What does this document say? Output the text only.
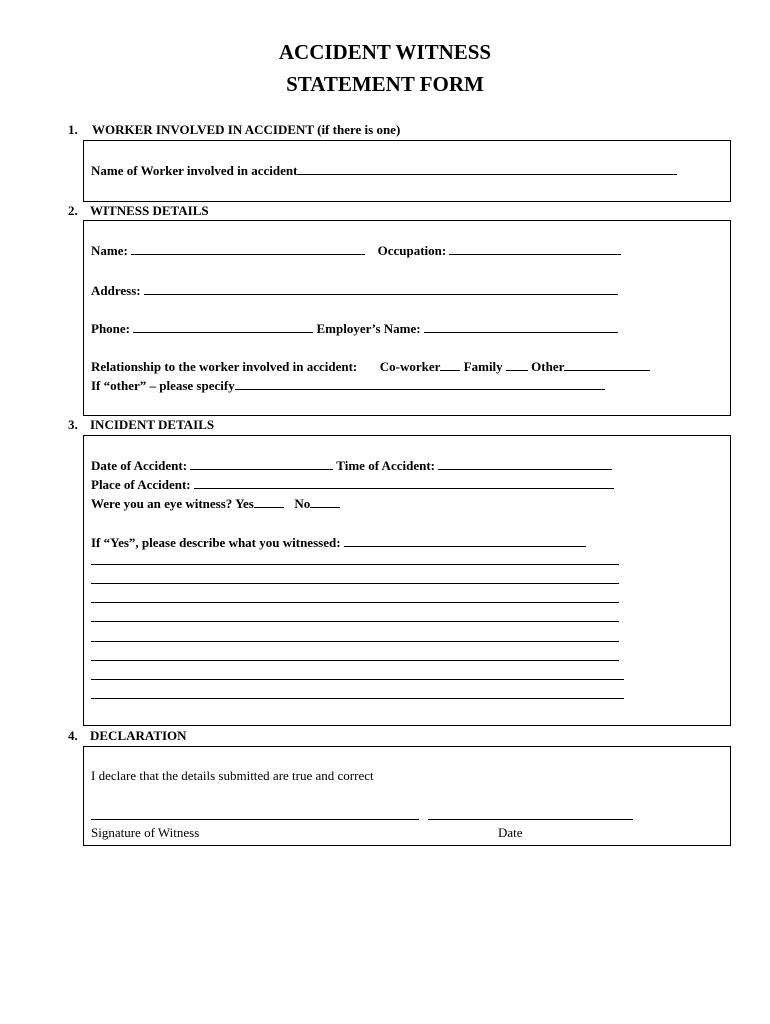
ACCIDENT WITNESS
STATEMENT FORM
1. WORKER INVOLVED IN ACCIDENT (if there is one)
Name of Worker involved in accident
2. WITNESS DETAILS
Name:	Occupation:
Address:
Phone:	Employer’s Name:
Relationship to the worker involved in accident: Co-worker Family Other
If “other” – please specify
3. INCIDENT DETAILS
Date of Accident:	Time of Accident:
Place of Accident:
Were you an eye witness? Yes	No
If “Yes”, please describe what you witnessed:
4. DECLARATION
I declare that the details submitted are true and correct
Signature of Witness	Date
